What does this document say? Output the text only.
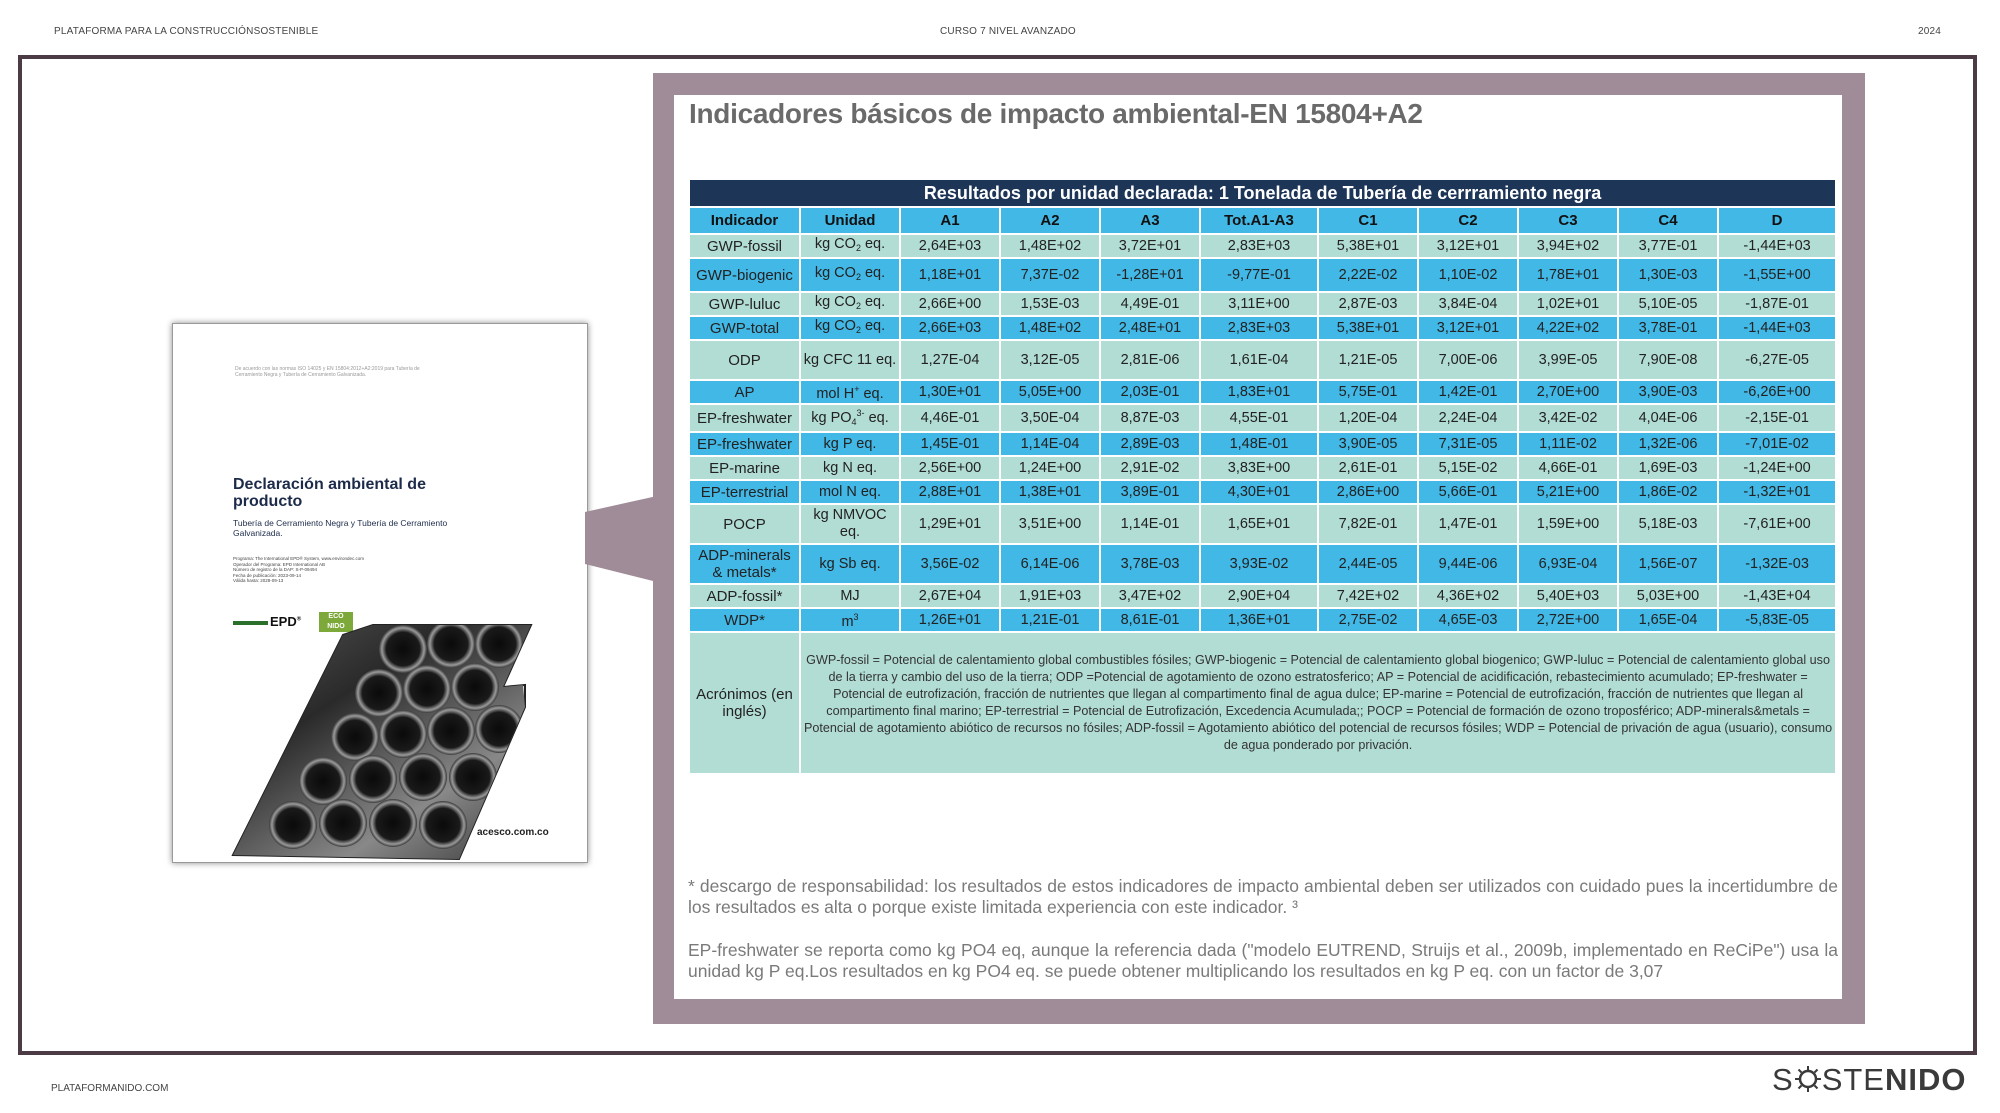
PLATAFORMA PARA LA CONSTRUCCIÓNSOSTENIBLE	CURSO 7 NIVEL AVANZADO	2024
De acuerdo con las normas ISO 14025 y EN 15804:2012+A2:2019 para Tubería de Cerramiento Negra y Tubería de Cerramiento Galvanizada.
Declaración ambiental de producto
Tubería de Cerramiento Negra y Tubería de Cerramiento Galvanizada.
Programa: The International EPD® System, www.environdec.com
Operador del Programa: EPD International AB
Número de registro de la DAP: S-P-09494
Fecha de publicación: 2023-09-14
Válida hasta: 2028-09-13
EPD®	ECO
NIDO
acesco.com.co
Indicadores básicos de impacto ambiental-EN 15804+A2
Resultados por unidad declarada: 1 Tonelada de Tubería de cerrramiento negra										
Indicador	Unidad	A1	A2	A3	Tot.A1-A3	C1	C2	C3	C4	D
GWP-fossil	kg $CO_2$ eq.	2,64E+03	1,48E+02	3,72E+01	2,83E+03	5,38E+01	3,12E+01	3,94E+02	3,77E-01	-1,44E+03
GWP-biogenic	kg $CO_2$ eq.	1,18E+01	7,37E-02	-1,28E+01	-9,77E-01	2,22E-02	1,10E-02	1,78E+01	1,30E-03	-1,55E+00
GWP-luluc	kg $CO_2$ eq.	2,66E+00	1,53E-03	4,49E-01	3,11E+00	2,87E-03	3,84E-04	1,02E+01	5,10E-05	-1,87E-01
GWP-total	kg $CO_2$ eq.	2,66E+03	1,48E+02	2,48E+01	2,83E+03	5,38E+01	3,12E+01	4,22E+02	3,78E-01	-1,44E+03
ODP	kg CFC 11 eq.	1,27E-04	3,12E-05	2,81E-06	1,61E-04	1,21E-05	7,00E-06	3,99E-05	7,90E-08	-6,27E-05
AP	mol H+ eq.	1,30E+01	5,05E+00	2,03E-01	1,83E+01	5,75E-01	1,42E-01	2,70E+00	3,90E-03	-6,26E+00
EP-freshwater	kg $PO_4^{3-}$ eq.	4,46E-01	3,50E-04	8,87E-03	4,55E-01	1,20E-04	2,24E-04	3,42E-02	4,04E-06	-2,15E-01
EP-freshwater	kg P eq.	1,45E-01	1,14E-04	2,89E-03	1,48E-01	3,90E-05	7,31E-05	1,11E-02	1,32E-06	-7,01E-02
EP-marine	kg N eq.	2,56E+00	1,24E+00	2,91E-02	3,83E+00	2,61E-01	5,15E-02	4,66E-01	1,69E-03	-1,24E+00
EP-terrestrial	mol N eq.	2,88E+01	1,38E+01	3,89E-01	4,30E+01	2,86E+00	5,66E-01	5,21E+00	1,86E-02	-1,32E+01
POCP	kg NMVOC eq.	1,29E+01	3,51E+00	1,14E-01	1,65E+01	7,82E-01	1,47E-01	1,59E+00	5,18E-03	-7,61E+00
ADP-minerals & metals*	kg Sb eq.	3,56E-02	6,14E-06	3,78E-03	3,93E-02	2,44E-05	9,44E-06	6,93E-04	1,56E-07	-1,32E-03
ADP-fossil*	MJ	2,67E+04	1,91E+03	3,47E+02	2,90E+04	7,42E+02	4,36E+02	5,40E+03	5,03E+00	-1,43E+04
WDP*	$m^3$	1,26E+01	1,21E-01	8,61E-01	1,36E+01	2,75E-02	4,65E-03	2,72E+00	1,65E-04	-5,83E-05
Acrónimos (en inglés)	GWP-fossil = Potencial de calentamiento global combustibles fósiles; GWP-biogenic = Potencial de calentamiento global biogenico; GWP-luluc = Potencial de calentamiento global uso de la tierra y cambio del uso de la tierra; ODP =Potencial de agotamiento de ozono estratosferico; AP = Potencial de acidificación, rebastecimiento acumulado; EP-freshwater = Potencial de eutrofización, fracción de nutrientes que llegan al compartimento final de agua dulce; EP-marine = Potencial de eutrofización, fracción de nutrientes que llegan al compartimento final marino; EP-terrestrial = Potencial de Eutrofización, Excedencia Acumulada;; POCP = Potencial de formación de ozono troposférico; ADP-minerals&metals = Potencial de agotamiento abiótico de recursos no fósiles; ADP-fossil = Agotamiento abiótico del potencial de recursos fósiles; WDP = Potencial de privación de agua (usuario), consumo de agua ponderado por privación.									
* descargo de responsabilidad: los resultados de estos indicadores de impacto ambiental deben ser utilizados con cuidado pues la incertidumbre de los resultados es alta o porque existe limitada experiencia con este indicador. ³
EP-freshwater se reporta como kg PO4 eq, aunque la referencia dada ("modelo EUTREND, Struijs et al., 2009b, implementado en ReCiPe") usa la unidad kg P eq.Los resultados en kg PO4 eq. se puede obtener multiplicando los resultados en kg P eq. con un factor de 3,07
PLATAFORMANIDO.COM	S STENIDO
